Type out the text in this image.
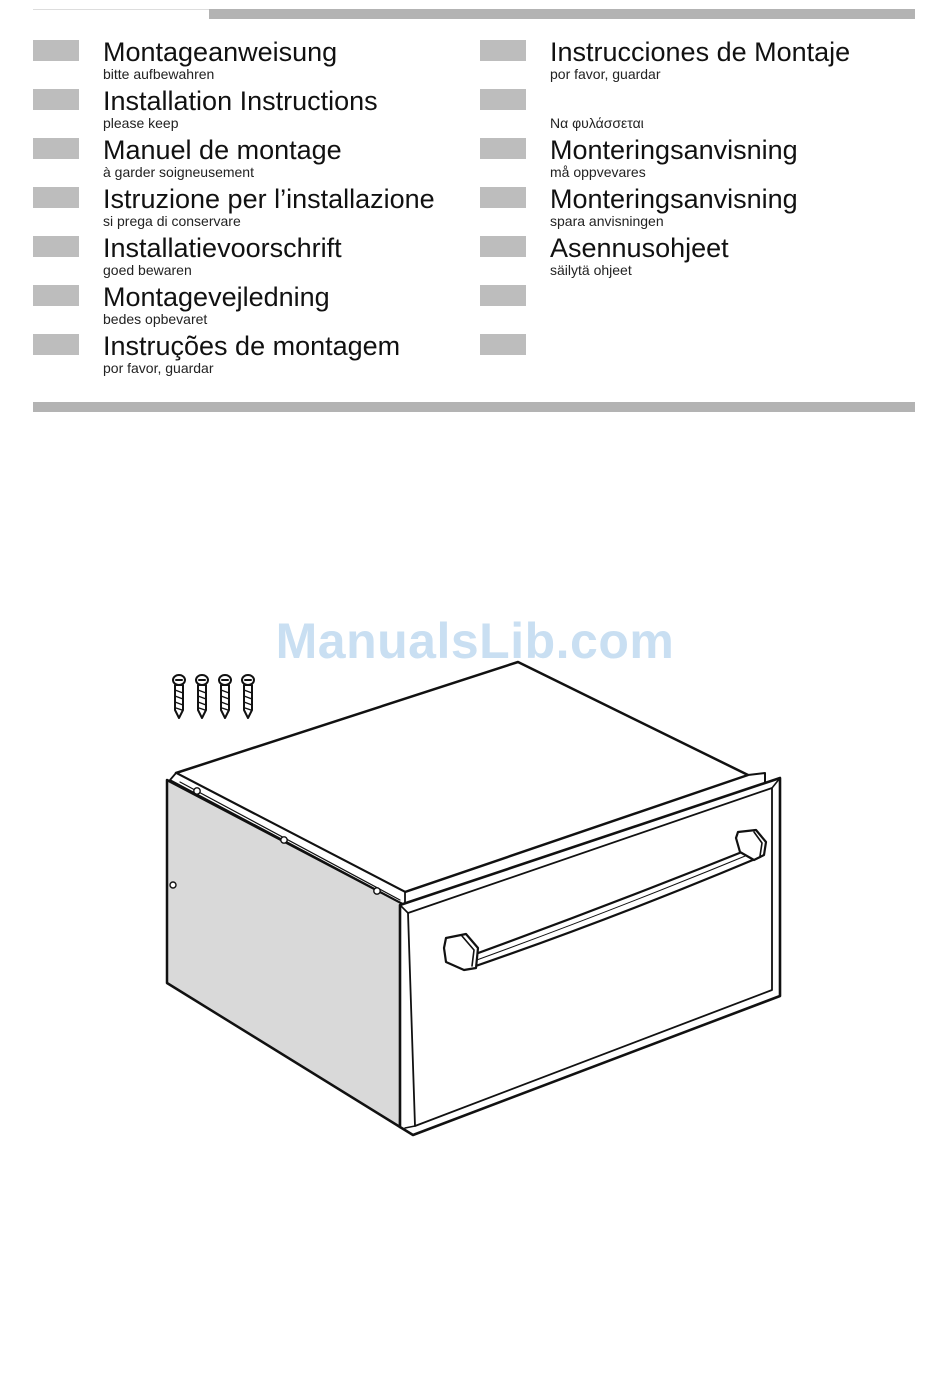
Montageanweisung
bitte aufbewahren
Installation Instructions
please keep
Manuel de montage
à garder soigneusement
Istruzione per l’installazione
si prega di conservare
Installatievoorschrift
goed bewaren
Montagevejledning
bedes opbevaret
Instruções de montagem
por favor, guardar
Instrucciones de Montaje
por favor, guardar
Να φυλάσσεται
Monteringsanvisning
må oppvevares
Monteringsanvisning
spara anvisningen
Asennusohjeet
säilytä ohjeet
ManualsLib.com
